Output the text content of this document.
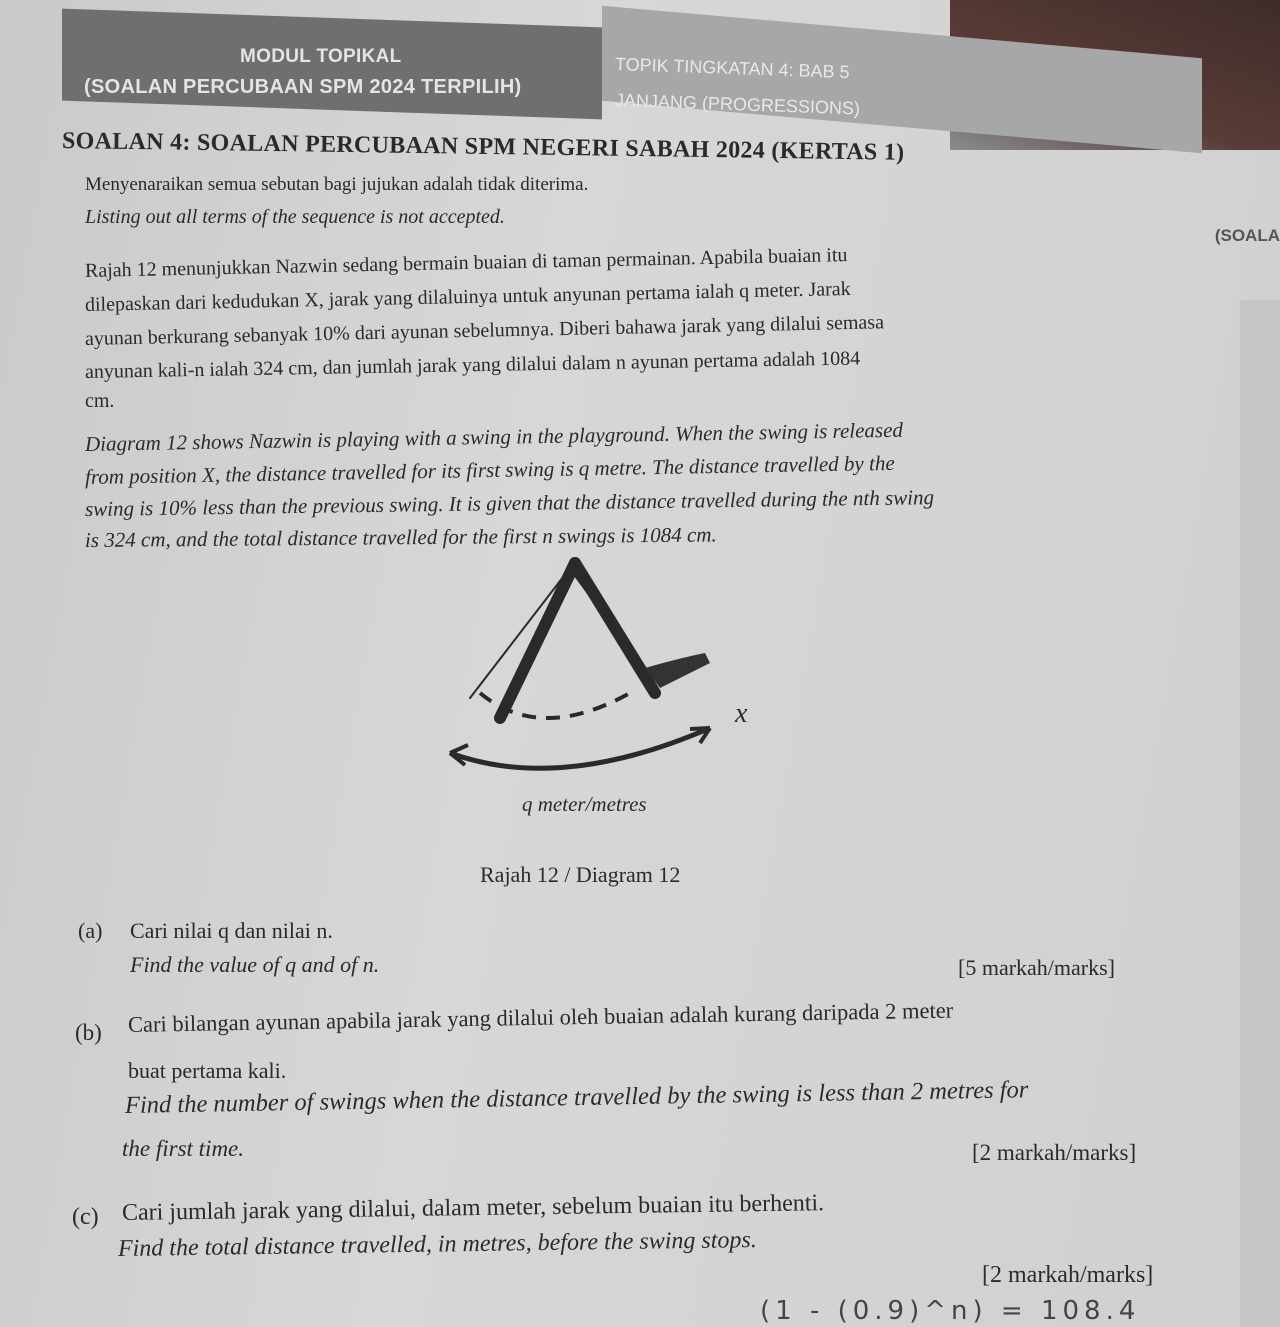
MODUL TOPIKAL
(SOALAN PERCUBAAN SPM 2024 TERPILIH)
TOPIK TINGKATAN 4: BAB 5
JANJANG (PROGRESSIONS)
(SOALA
SOALAN 4: SOALAN PERCUBAAN SPM NEGERI SABAH 2024 (KERTAS 1)
Menyenaraikan semua sebutan bagi jujukan adalah tidak diterima.
Listing out all terms of the sequence is not accepted.
Rajah 12 menunjukkan Nazwin sedang bermain buaian di taman permainan. Apabila buaian itu
dilepaskan dari kedudukan X, jarak yang dilaluinya untuk anyunan pertama ialah q meter. Jarak
ayunan berkurang sebanyak 10% dari ayunan sebelumnya. Diberi bahawa jarak yang dilalui semasa
anyunan kali-n ialah 324 cm, dan jumlah jarak yang dilalui dalam n ayunan pertama adalah 1084
cm.
Diagram 12 shows Nazwin is playing with a swing in the playground. When the swing is released
from position X, the distance travelled for its first swing is q metre. The distance travelled by the
swing is 10% less than the previous swing. It is given that the distance travelled during the nth swing
is 324 cm, and the total distance travelled for the first n swings is 1084 cm.
x
q meter/metres
Rajah 12 / Diagram 12
(a) Cari nilai q dan nilai n.
Find the value of q and of n.	[5 markah/marks]
(b) Cari bilangan ayunan apabila jarak yang dilalui oleh buaian adalah kurang daripada 2 meter
buat pertama kali.
Find the number of swings when the distance travelled by the swing is less than 2 metres for
the first time.	[2 markah/marks]
(c) Cari jumlah jarak yang dilalui, dalam meter, sebelum buaian itu berhenti.
Find the total distance travelled, in metres, before the swing stops.
[2 markah/marks]
(1 - (0.9)^n) = 108.4
